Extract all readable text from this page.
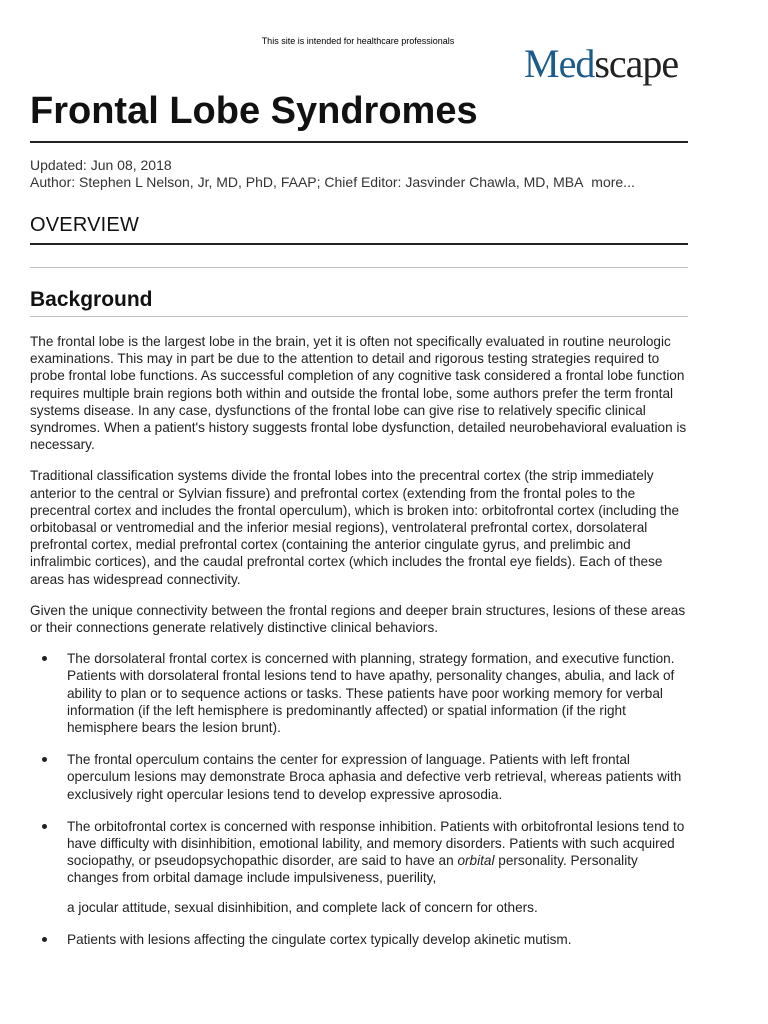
This site is intended for healthcare professionals	Medscape
Frontal Lobe Syndromes
Updated: Jun 08, 2018
Author: Stephen L Nelson, Jr, MD, PhD, FAAP; Chief Editor: Jasvinder Chawla, MD, MBA more...
OVERVIEW
Background

The frontal lobe is the largest lobe in the brain, yet it is often not specifically evaluated in routine neurologic examinations. This may in part be due to the attention to detail and rigorous testing strategies required to probe frontal lobe functions. As successful completion of any cognitive task considered a frontal lobe function requires multiple brain regions both within and outside the frontal lobe, some authors prefer the term frontal systems disease. In any case, dysfunctions of the frontal lobe can give rise to relatively specific clinical syndromes. When a patient's history suggests frontal lobe dysfunction, detailed neurobehavioral evaluation is necessary.

Traditional classification systems divide the frontal lobes into the precentral cortex (the strip immediately anterior to the central or Sylvian fissure) and prefrontal cortex (extending from the frontal poles to the precentral cortex and includes the frontal operculum), which is broken into: orbitofrontal cortex (including the orbitobasal or ventromedial and the inferior mesial regions), ventrolateral prefrontal cortex, dorsolateral prefrontal cortex, medial prefrontal cortex (containing the anterior cingulate gyrus, and prelimbic and infralimbic cortices), and the caudal prefrontal cortex (which includes the frontal eye fields). Each of these areas has widespread connectivity.

Given the unique connectivity between the frontal regions and deeper brain structures, lesions of these areas or their connections generate relatively distinctive clinical behaviors.

The dorsolateral frontal cortex is concerned with planning, strategy formation, and executive function. Patients with dorsolateral frontal lesions tend to have apathy, personality changes, abulia, and lack of ability to plan or to sequence actions or tasks. These patients have poor working memory for verbal information (if the left hemisphere is predominantly affected) or spatial information (if the right hemisphere bears the lesion brunt).
The frontal operculum contains the center for expression of language. Patients with left frontal operculum lesions may demonstrate Broca aphasia and defective verb retrieval, whereas patients with exclusively right opercular lesions tend to develop expressive aprosodia.
The orbitofrontal cortex is concerned with response inhibition. Patients with orbitofrontal lesions tend to have difficulty with disinhibition, emotional lability, and memory disorders. Patients with such acquired sociopathy, or pseudopsychopathic disorder, are said to have an orbital personality. Personality changes from orbital damage include impulsiveness, puerility,
a jocular attitude, sexual disinhibition, and complete lack of concern for others.
Patients with lesions affecting the cingulate cortex typically develop akinetic mutism.
